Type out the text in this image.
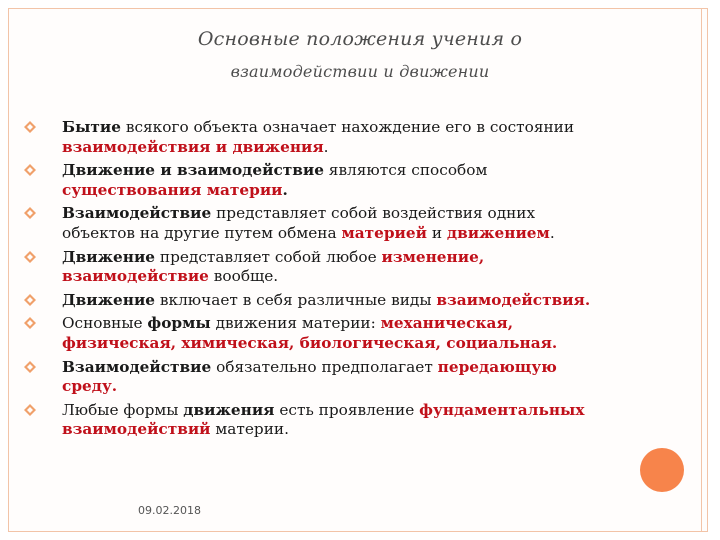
Основные положения учения о
взаимодействии и движении
Бытие всякого объекта означает нахождение его в состоянии
взаимодействия и движения.
Движение и взаимодействие являются способом
существования материи.
Взаимодействие представляет собой воздействия одних
объектов на другие путем обмена материей и движением.
Движение представляет собой любое изменение,
взаимодействие вообще.
Движение включает в себя различные виды взаимодействия.
Основные формы движения материи: механическая,
физическая, химическая, биологическая, социальная.
Взаимодействие обязательно предполагает передающую
среду.
Любые формы движения есть проявление фундаментальных
взаимодействий материи.
09.02.2018
